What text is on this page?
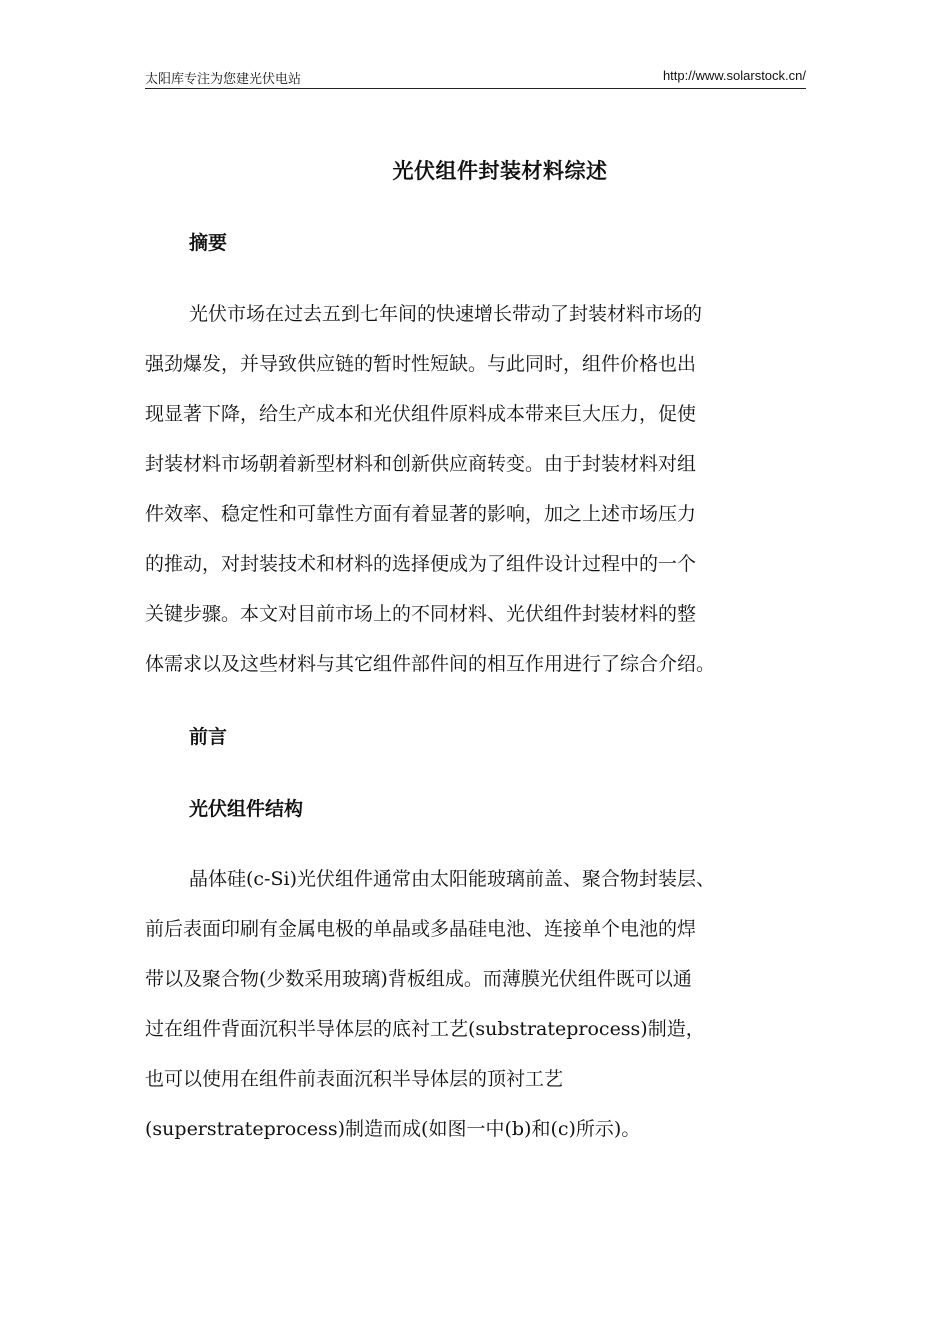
太阳库专注为您建光伏电站	http://www.solarstock.cn/
光伏组件封装材料综述
摘要
光伏市场在过去五到七年间的快速增长带动了封装材料市场的
强劲爆发，并导致供应链的暂时性短缺。与此同时，组件价格也出
现显著下降，给生产成本和光伏组件原料成本带来巨大压力，促使
封装材料市场朝着新型材料和创新供应商转变。由于封装材料对组
件效率、稳定性和可靠性方面有着显著的影响，加之上述市场压力
的推动，对封装技术和材料的选择便成为了组件设计过程中的一个
关键步骤。本文对目前市场上的不同材料、光伏组件封装材料的整
体需求以及这些材料与其它组件部件间的相互作用进行了综合介绍。
前言
光伏组件结构
晶体硅(c-Si)光伏组件通常由太阳能玻璃前盖、聚合物封装层、
前后表面印刷有金属电极的单晶或多晶硅电池、连接单个电池的焊
带以及聚合物(少数采用玻璃)背板组成。而薄膜光伏组件既可以通
过在组件背面沉积半导体层的底衬工艺(substrateprocess)制造，
也可以使用在组件前表面沉积半导体层的顶衬工艺
(superstrateprocess)制造而成(如图一中(b)和(c)所示)。
